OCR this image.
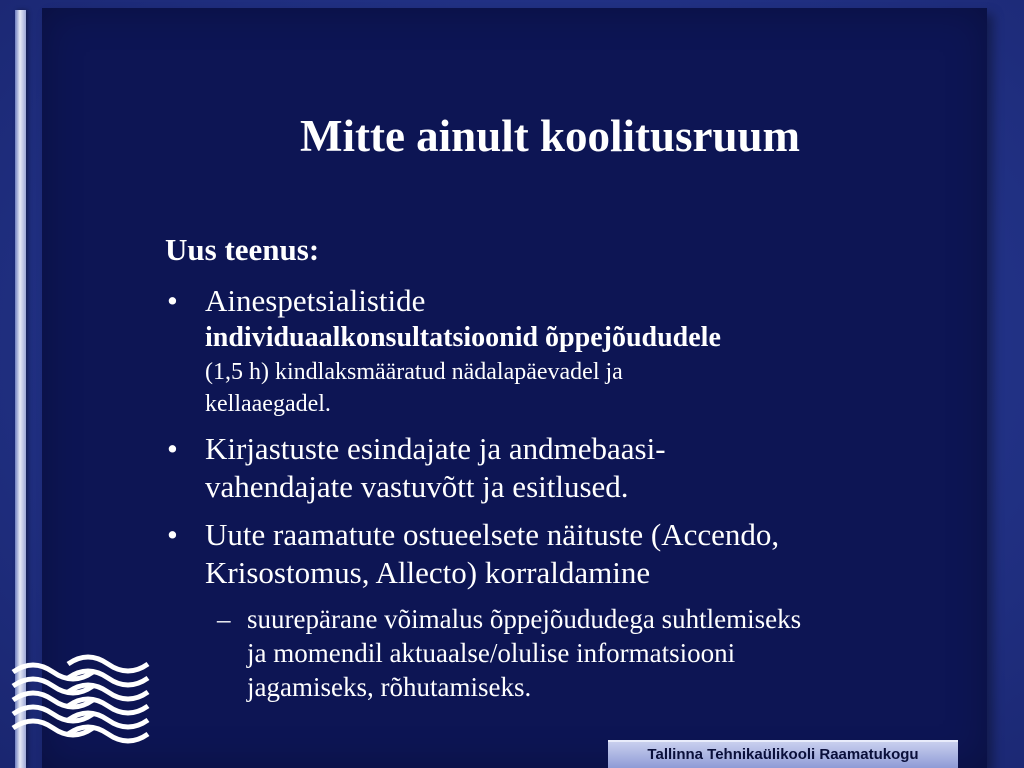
Mitte ainult koolitusruum
Uus teenus:
• Ainespetsialistide
individuaalkonsultatsioonid õppejõududele
(1,5 h) kindlaksmääratud nädalapäevadel ja
kellaaegadel.
• Kirjastuste esindajate ja andmebaasi-
vahendajate vastuvõtt ja esitlused.
• Uute raamatute ostueelsete näituste (Accendo,
Krisostomus, Allecto) korraldamine
– suurepärane võimalus õppejõududega suhtlemiseks
ja momendil aktuaalse/olulise informatsiooni
jagamiseks, rõhutamiseks.
Tallinna Tehnikaülikooli Raamatukogu
